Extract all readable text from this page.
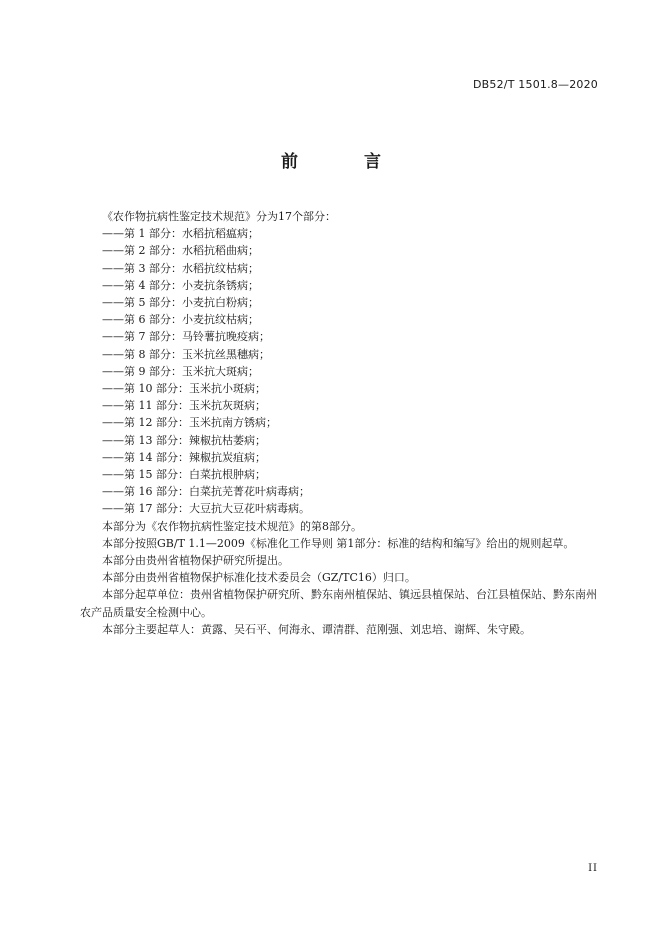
DB52/T 1501.8—2020
前 言

《农作物抗病性鉴定技术规范》分为17个部分：

——第 1 部分：水稻抗稻瘟病；

——第 2 部分：水稻抗稻曲病；

——第 3 部分：水稻抗纹枯病；

——第 4 部分：小麦抗条锈病；

——第 5 部分：小麦抗白粉病；

——第 6 部分：小麦抗纹枯病；

——第 7 部分：马铃薯抗晚疫病；

——第 8 部分：玉米抗丝黑穗病；

——第 9 部分：玉米抗大斑病；

——第 10 部分：玉米抗小斑病；

——第 11 部分：玉米抗灰斑病；

——第 12 部分：玉米抗南方锈病；

——第 13 部分：辣椒抗枯萎病；

——第 14 部分：辣椒抗炭疽病；

——第 15 部分：白菜抗根肿病；

——第 16 部分：白菜抗芜菁花叶病毒病；

——第 17 部分：大豆抗大豆花叶病毒病。

本部分为《农作物抗病性鉴定技术规范》的第8部分。

本部分按照GB/T 1.1—2009《标准化工作导则 第1部分：标准的结构和编写》给出的规则起草。

本部分由贵州省植物保护研究所提出。

本部分由贵州省植物保护标准化技术委员会（GZ/TC16）归口。

本部分起草单位：贵州省植物保护研究所、黔东南州植保站、镇远县植保站、台江县植保站、黔东南州农产品质量安全检测中心。

本部分主要起草人：黄露、吴石平、何海永、谭清群、范刚强、刘忠培、谢辉、朱守殿。

II
